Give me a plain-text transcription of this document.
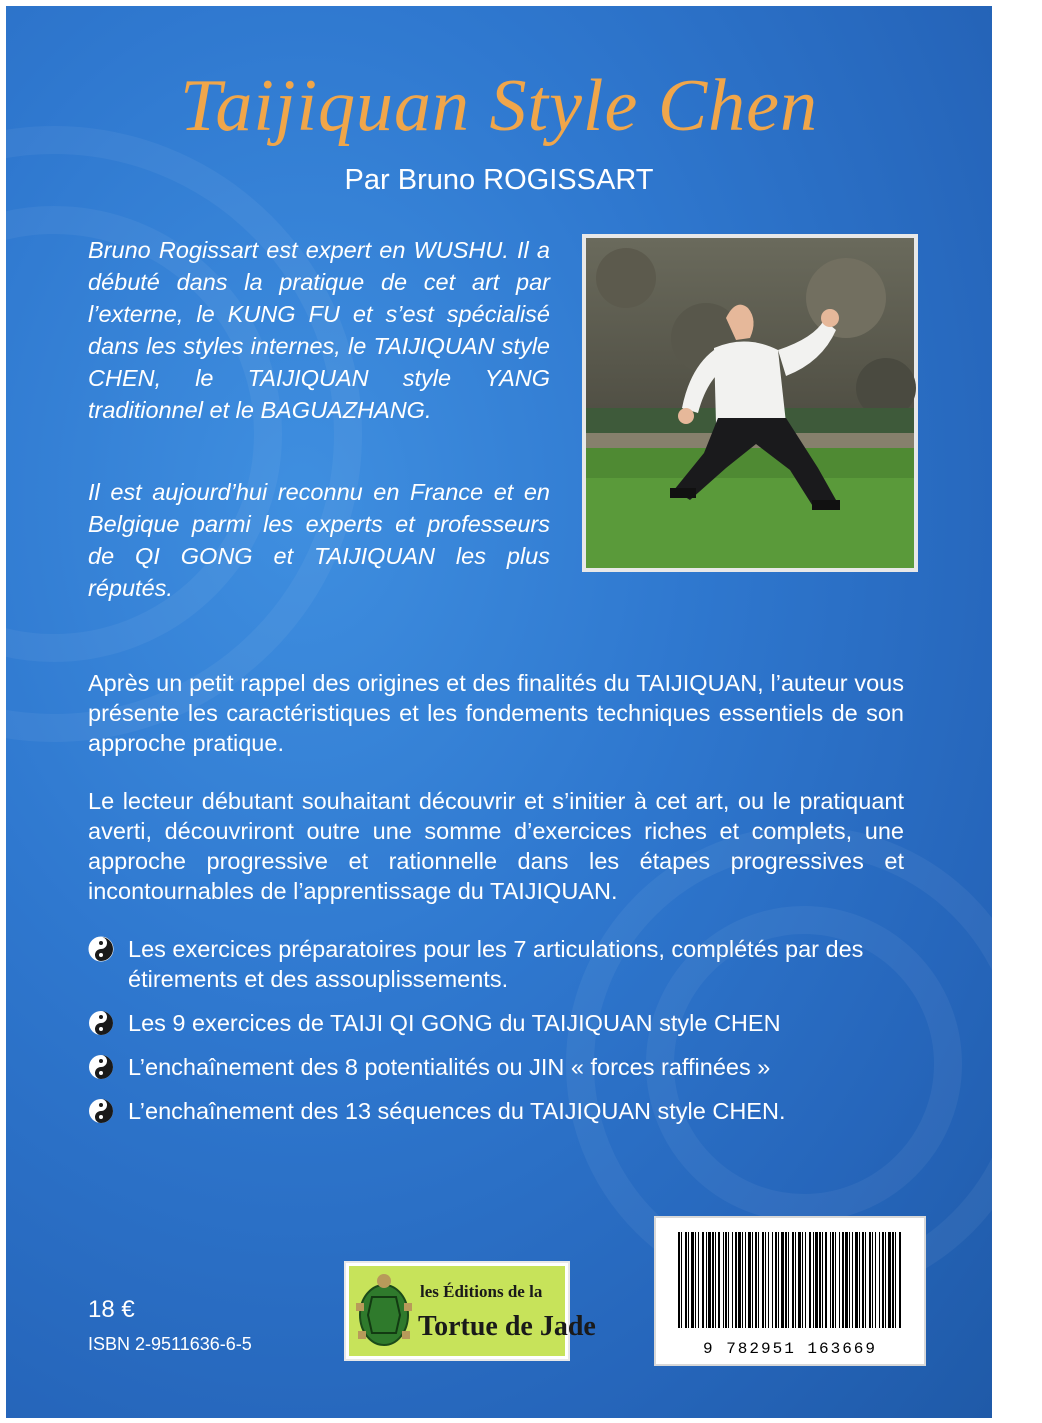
Taijiquan Style Chen
Par Bruno ROGISSART

Bruno Rogissart est expert en WUSHU. Il a débuté dans la pratique de cet art par l’externe, le KUNG FU et s’est spécialisé dans les styles internes, le TAIJIQUAN style CHEN, le TAIJIQUAN style YANG traditionnel et le BAGUAZHANG.

Il est aujourd’hui reconnu en France et en Belgique parmi les experts et professeurs de QI GONG et TAIJIQUAN les plus réputés.

Après un petit rappel des origines et des finalités du TAIJIQUAN, l’auteur vous présente les caractéristiques et les fondements techniques essentiels de son approche pratique.

Le lecteur débutant souhaitant découvrir et s’initier à cet art, ou le pratiquant averti, découvriront outre une somme d’exercices riches et complets, une approche progressive et rationnelle dans les étapes progressives et incontournables de l’apprentissage du TAIJIQUAN.

Les exercices préparatoires pour les 7 articulations, complétés par des étirements et des assouplissements.
Les 9 exercices de TAIJI QI GONG du TAIJIQUAN style CHEN
L’enchaînement des 8 potentialités ou JIN « forces raffinées »
L’enchaînement des 13 séquences du TAIJIQUAN style CHEN.
18 €
ISBN 2-9511636-6-5
les Éditions de la
Tortue de Jade
9 782951 163669
